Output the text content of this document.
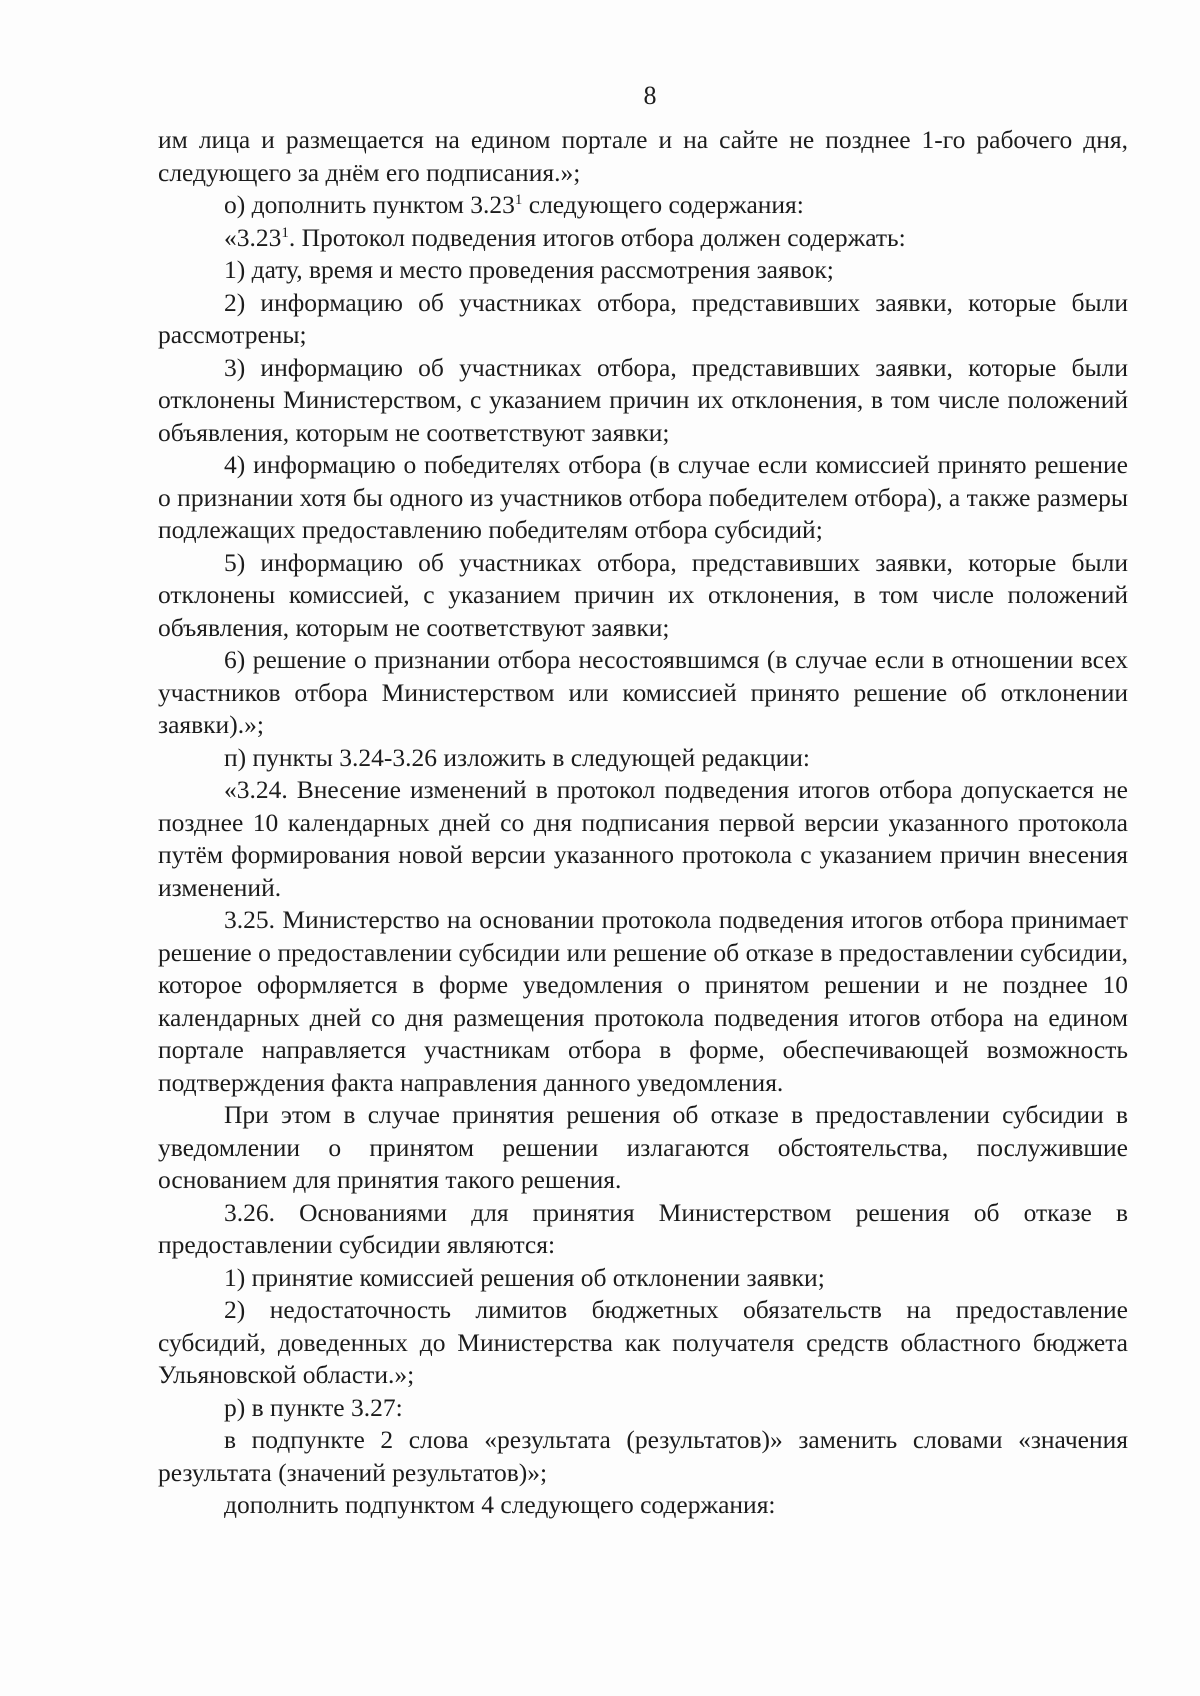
8

им лица и размещается на едином портале и на сайте не позднее 1-го рабочего дня, следующего за днём его подписания.»;

о) дополнить пунктом 3.23$^1$ следующего содержания:

«3.23$^1$. Протокол подведения итогов отбора должен содержать:

1) дату, время и место проведения рассмотрения заявок;

2) информацию об участниках отбора, представивших заявки, которые были рассмотрены;

3) информацию об участниках отбора, представивших заявки, которые были отклонены Министерством, с указанием причин их отклонения, в том числе положений объявления, которым не соответствуют заявки;

4) информацию о победителях отбора (в случае если комиссией принято решение о признании хотя бы одного из участников отбора победителем отбора), а также размеры подлежащих предоставлению победителям отбора субсидий;

5) информацию об участниках отбора, представивших заявки, которые были отклонены комиссией, с указанием причин их отклонения, в том числе положений объявления, которым не соответствуют заявки;

6) решение о признании отбора несостоявшимся (в случае если в отношении всех участников отбора Министерством или комиссией принято решение об отклонении заявки).»;

п) пункты 3.24-3.26 изложить в следующей редакции:

«3.24. Внесение изменений в протокол подведения итогов отбора допускается не позднее 10 календарных дней со дня подписания первой версии указанного протокола путём формирования новой версии указанного протокола с указанием причин внесения изменений.

3.25. Министерство на основании протокола подведения итогов отбора принимает решение о предоставлении субсидии или решение об отказе в предоставлении субсидии, которое оформляется в форме уведомления о принятом решении и не позднее 10 календарных дней со дня размещения протокола подведения итогов отбора на едином портале направляется участникам отбора в форме, обеспечивающей возможность подтверждения факта направления данного уведомления.

При этом в случае принятия решения об отказе в предоставлении субсидии в уведомлении о принятом решении излагаются обстоятельства, послужившие основанием для принятия такого решения.

3.26. Основаниями для принятия Министерством решения об отказе в предоставлении субсидии являются:

1) принятие комиссией решения об отклонении заявки;

2) недостаточность лимитов бюджетных обязательств на предоставление субсидий, доведенных до Министерства как получателя средств областного бюджета Ульяновской области.»;

р) в пункте 3.27:

в подпункте 2 слова «результата (результатов)» заменить словами «значения результата (значений результатов)»;

дополнить подпунктом 4 следующего содержания:
